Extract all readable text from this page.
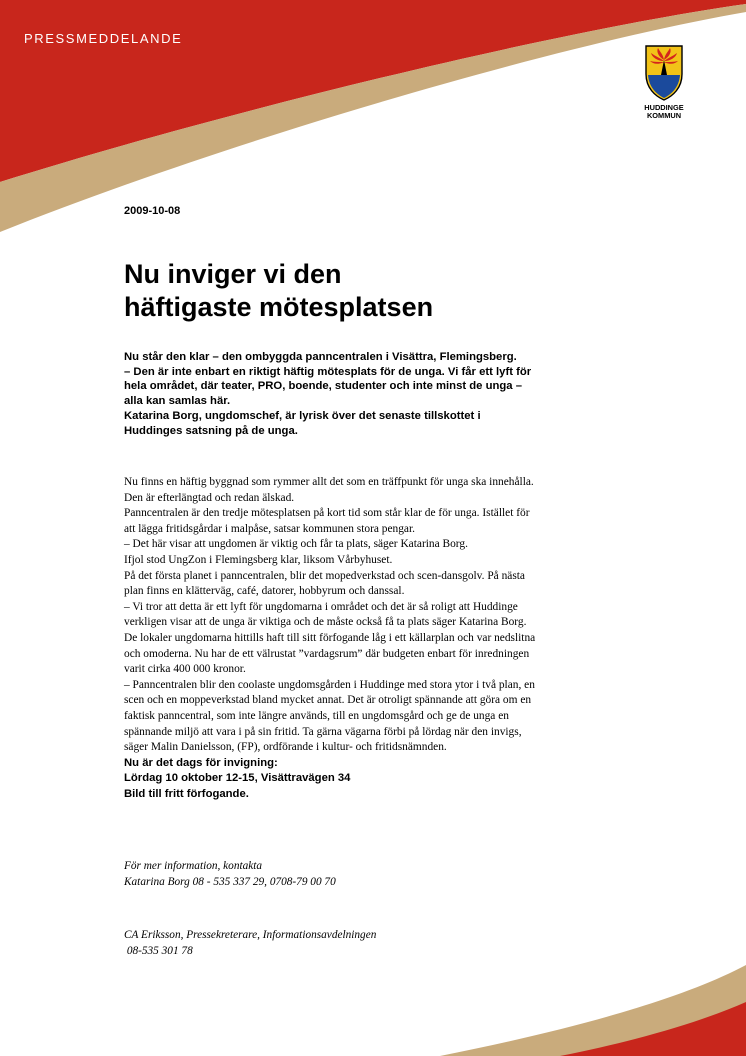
PRESSMEDDELANDE
HUDDINGE
KOMMUN
2009-10-08
Nu inviger vi den
häftigaste mötesplatsen
Nu står den klar – den ombyggda panncentralen i Visättra, Flemingsberg.
– Den är inte enbart en riktigt häftig mötesplats för de unga. Vi får ett lyft för
hela området, där teater, PRO, boende, studenter och inte minst de unga –
alla kan samlas här.
Katarina Borg, ungdomschef, är lyrisk över det senaste tillskottet i
Huddinges satsning på de unga.
Nu finns en häftig byggnad som rymmer allt det som en träffpunkt för unga ska innehålla.
Den är efterlängtad och redan älskad.
Panncentralen är den tredje mötesplatsen på kort tid som står klar de för unga. Istället för
att lägga fritidsgårdar i malpåse, satsar kommunen stora pengar.
– Det här visar att ungdomen är viktig och får ta plats, säger Katarina Borg.
Ifjol stod UngZon i Flemingsberg klar, liksom Vårbyhuset.
På det första planet i panncentralen, blir det mopedverkstad och scen-dansgolv. På nästa
plan finns en klätterväg, café, datorer, hobbyrum och danssal.
– Vi tror att detta är ett lyft för ungdomarna i området och det är så roligt att Huddinge
verkligen visar att de unga är viktiga och de måste också få ta plats säger Katarina Borg.
De lokaler ungdomarna hittills haft till sitt förfogande låg i ett källarplan och var nedslitna
och omoderna. Nu har de ett välrustat ”vardagsrum” där budgeten enbart för inredningen
varit cirka 400 000 kronor.
– Panncentralen blir den coolaste ungdomsgården i Huddinge med stora ytor i två plan, en
scen och en moppeverkstad bland mycket annat. Det är otroligt spännande att göra om en
faktisk panncentral, som inte längre används, till en ungdomsgård och ge de unga en
spännande miljö att vara i på sin fritid. Ta gärna vägarna förbi på lördag när den invigs,
säger Malin Danielsson, (FP), ordförande i kultur- och fritidsnämnden.
Nu är det dags för invigning:
Lördag 10 oktober 12-15, Visättravägen 34
Bild till fritt förfogande.
För mer information, kontakta
Katarina Borg 08 - 535 337 29, 0708-79 00 70
CA Eriksson, Pressekreterare, Informationsavdelningen
08-535 301 78
